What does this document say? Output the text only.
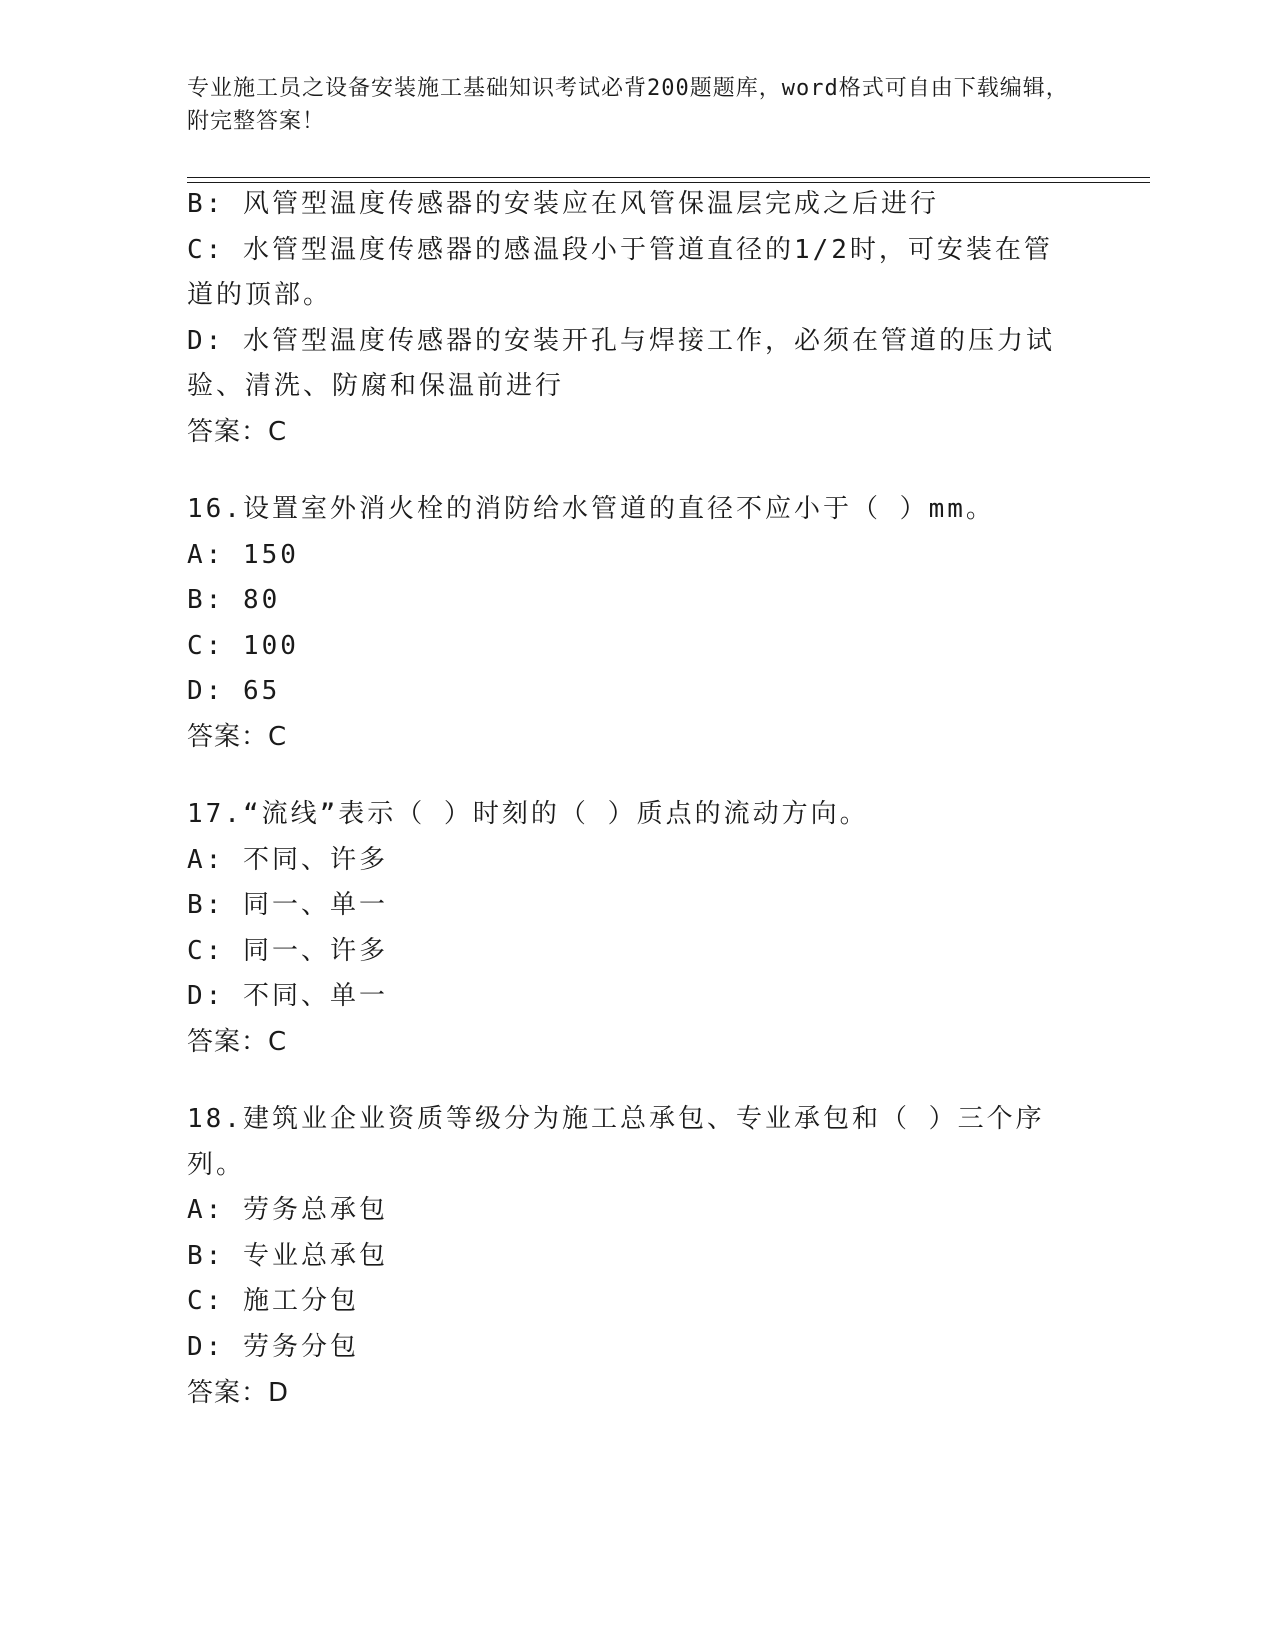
专业施工员之设备安装施工基础知识考试必背200题题库，word格式可自由下载编辑，附完整答案！
B: 风管型温度传感器的安装应在风管保温层完成之后进行
C: 水管型温度传感器的感温段小于管道直径的1/2时，可安装在管道的顶部。
D: 水管型温度传感器的安装开孔与焊接工作，必须在管道的压力试验、清洗、防腐和保温前进行
答案：C
16.设置室外消火栓的消防给水管道的直径不应小于（ ）mm。
A: 150
B: 80
C: 100
D: 65
答案：C
17.“流线”表示（ ）时刻的（ ）质点的流动方向。
A: 不同、许多
B: 同一、单一
C: 同一、许多
D: 不同、单一
答案：C
18.建筑业企业资质等级分为施工总承包、专业承包和（ ）三个序列。
A: 劳务总承包
B: 专业总承包
C: 施工分包
D: 劳务分包
答案：D
